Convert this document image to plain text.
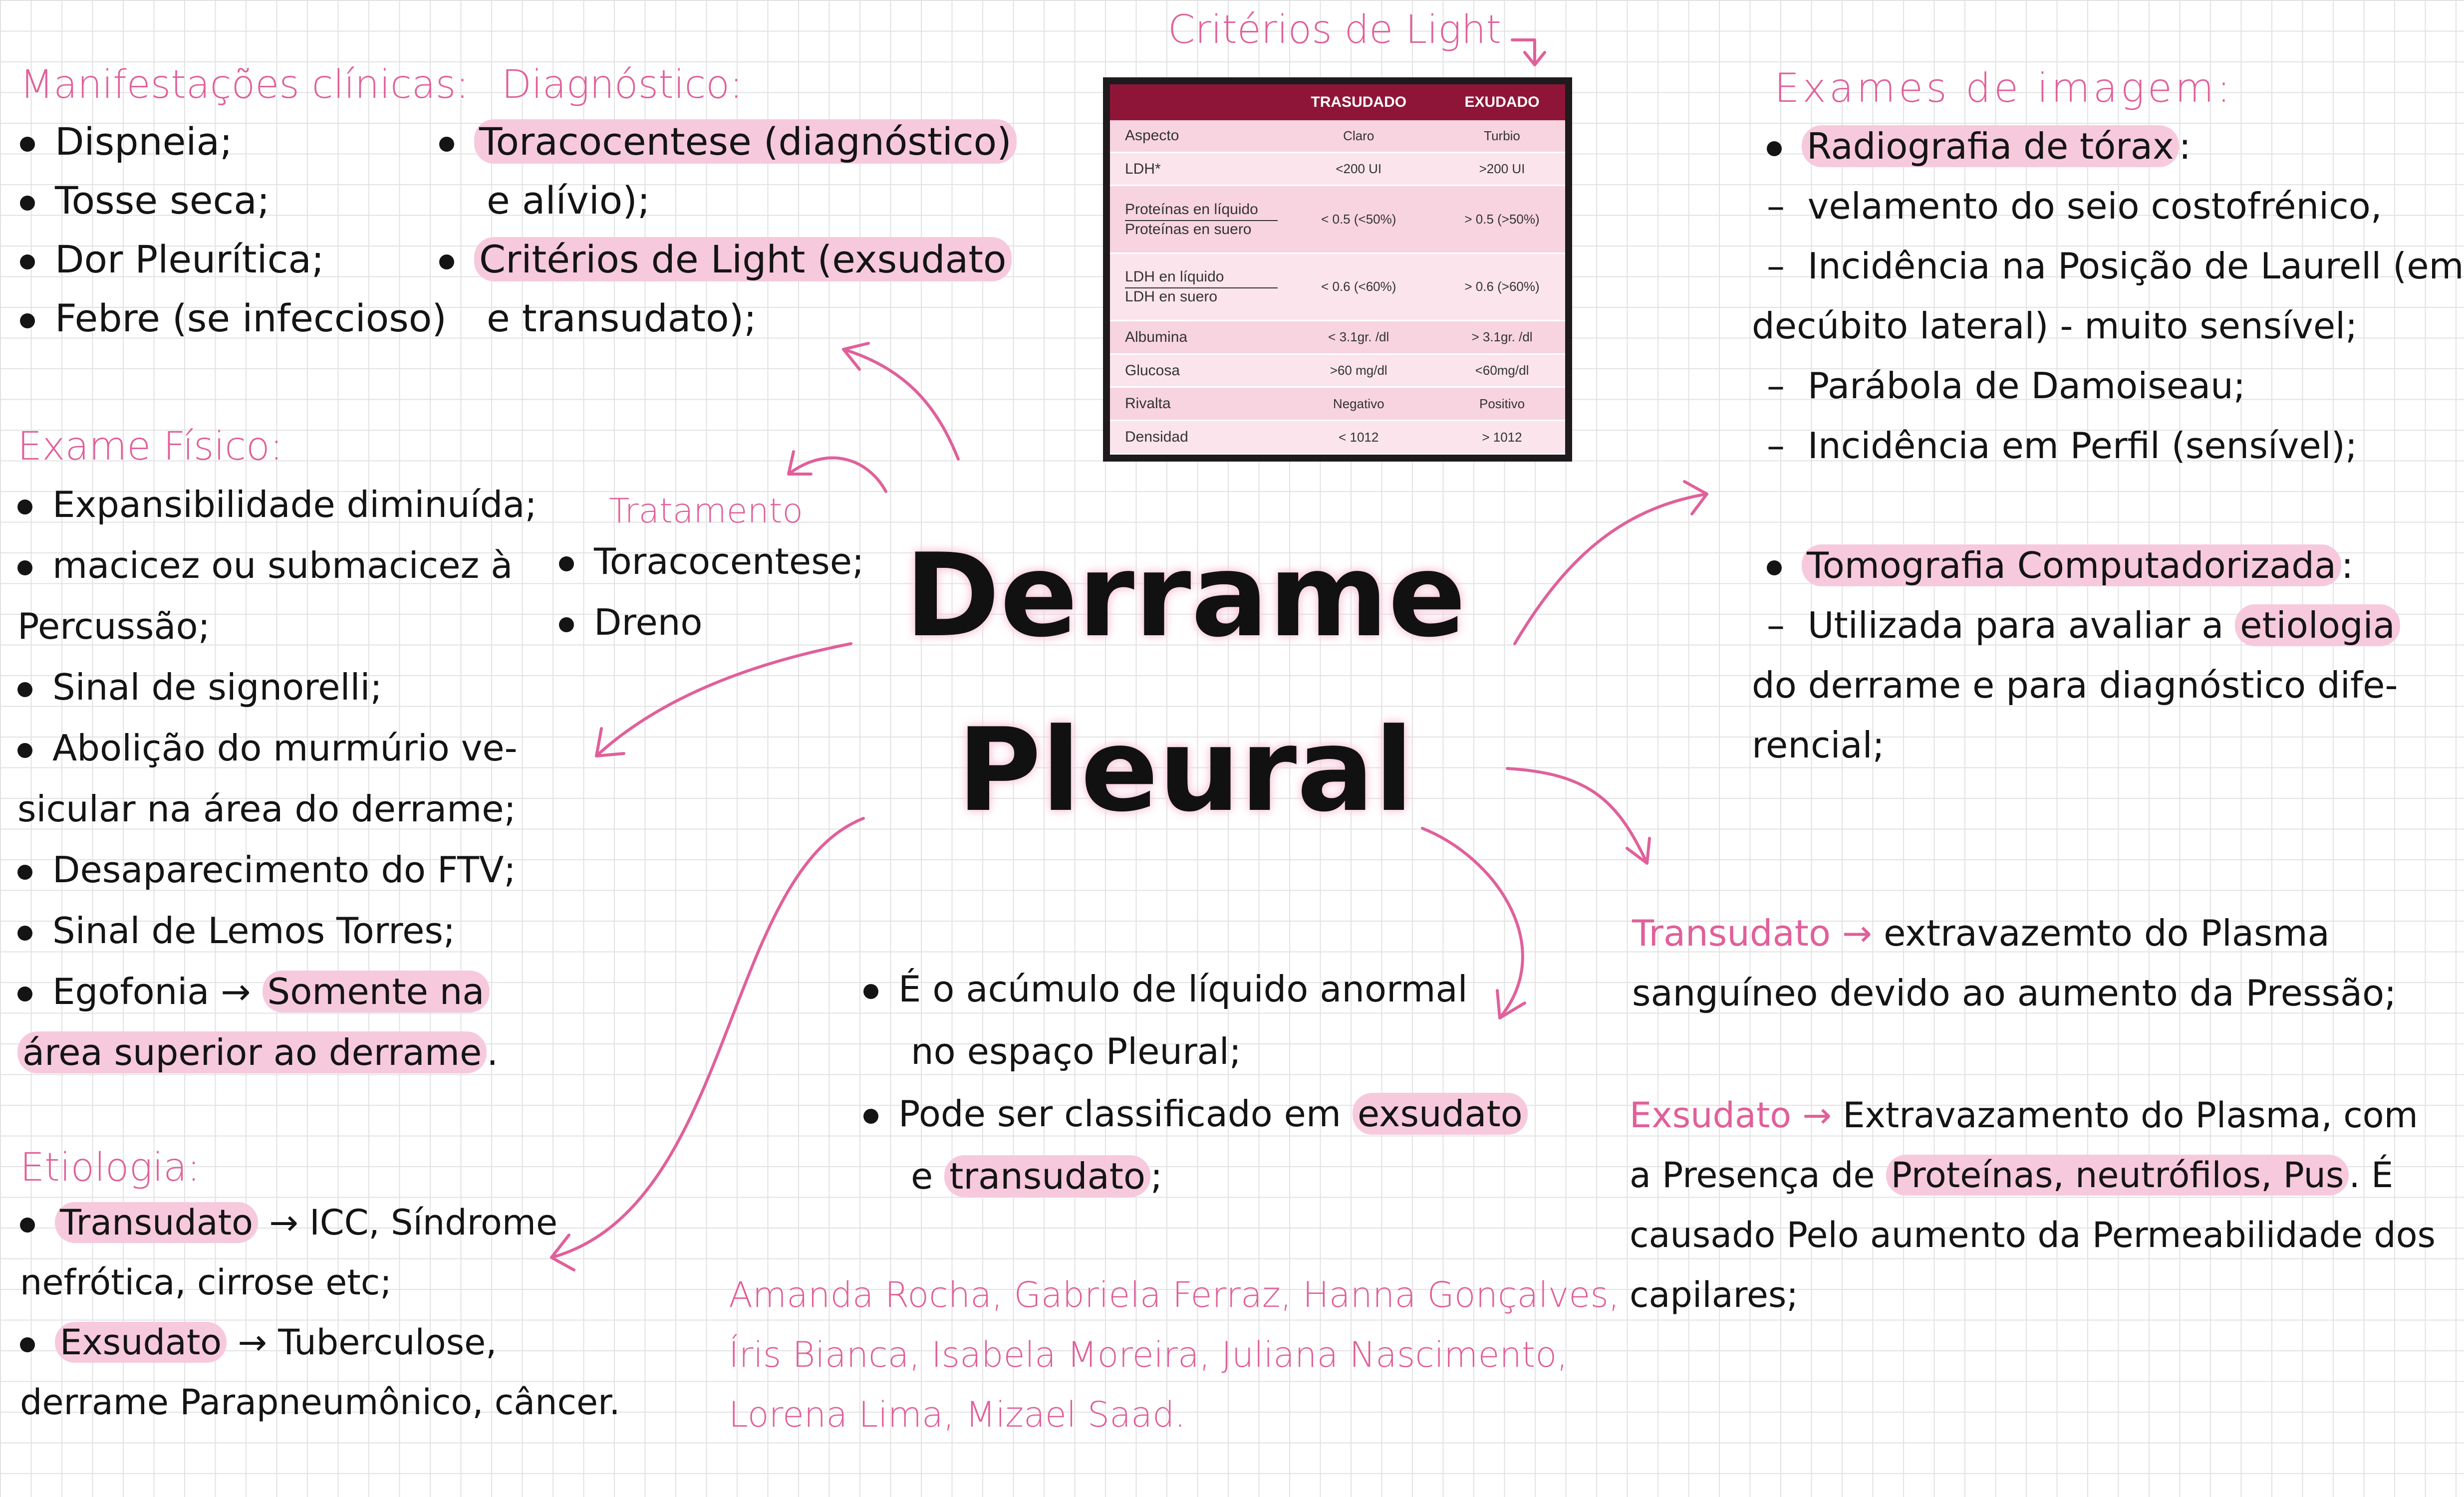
Derrame
Pleural
Manifestações clínicas:
Dispneia;
Tosse seca;
Dor Pleurítica;
Febre (se infeccioso)
Diagnóstico:
Toracocentese (diagnóstico)
e alívio);
Critérios de Light (exsudato
e transudato);
Critérios de Light
	TRASUDADO	EXUDADO
Aspecto	Claro	Turbio
LDH*	<200 UI	>200 UI

Proteínas en líquido
Proteínas en suero	< 0.5 (<50%)	> 0.5 (>50%)

LDH en líquido
LDH en suero	< 0.6 (<60%)	> 0.6 (>60%)
Albumina	< 3.1gr. /dl	> 3.1gr. /dl
Glucosa	>60 mg/dl	<60mg/dl
Rivalta	Negativo	Positivo
Densidad	< 1012	> 1012
Exame Físico:
Expansibilidade diminuída;
macicez ou submacicez à
Percussão;
Sinal de signorelli;
Abolição do murmúrio ve-
sicular na área do derrame;
Desaparecimento do FTV;
Sinal de Lemos Torres;
Egofonia → Somente na
área superior ao derrame .
Tratamento
Toracocentese;
Dreno
Exames de imagem:
Radiografia de tórax :
–  velamento do seio costofrénico,
–  Incidência na Posição de Laurell (em
decúbito lateral) - muito sensível;
–  Parábola de Damoiseau;
–  Incidência em Perfil (sensível);
Tomografia Computadorizada :
–  Utilizada para avaliar a etiologia
do derrame e para diagnóstico dife-
rencial;
Transudato → extravazemto do Plasma
sanguíneo devido ao aumento da Pressão;
Exsudato → Extravazamento do Plasma, com
a Presença de Proteínas, neutrófilos, Pus . É
causado Pelo aumento da Permeabilidade dos
capilares;
É o acúmulo de líquido anormal
no espaço Pleural;
Pode ser classificado em exsudato
e transudato ;
Etiologia:
Transudato → ICC, Síndrome
nefrótica, cirrose etc;
Exsudato → Tuberculose,
derrame Parapneumônico, câncer.
Amanda Rocha, Gabriela Ferraz, Hanna Gonçalves,
Íris Bianca, Isabela Moreira, Juliana Nascimento,
Lorena Lima, Mizael Saad.
